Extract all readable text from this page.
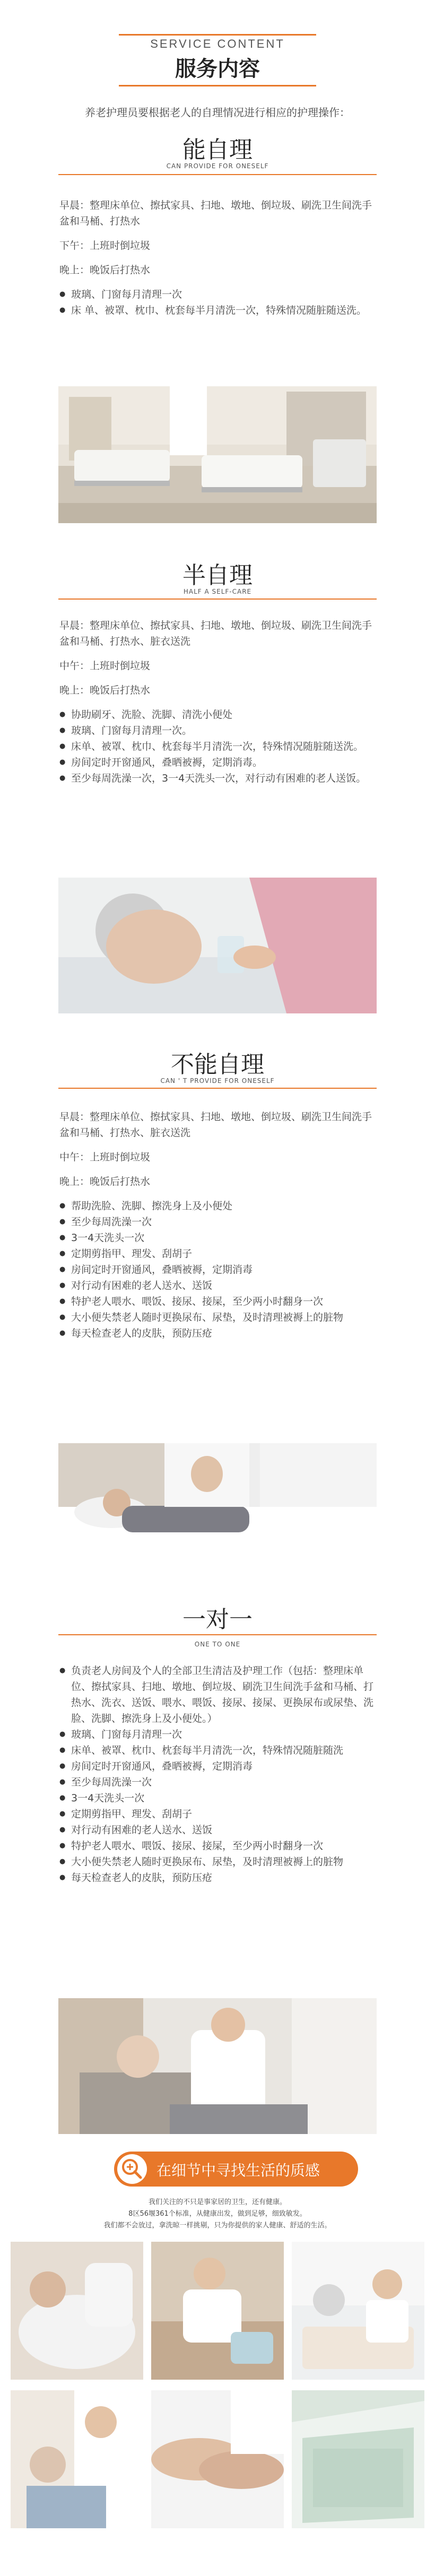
SERVICE CONTENT
服务内容
养老护理员要根据老人的自理情况进行相应的护理操作：
能自理
CAN PROVIDE FOR ONESELF

早晨：整理床单位、擦拭家具、扫地、墩地、倒垃圾、刷洗卫生间洗手盆和马桶、打热水

下午：上班时倒垃圾

晚上：晚饭后打热水

● 玻璃、门窗每月清理一次
● 床 单、被罩、枕巾、枕套每半月清洗一次，特殊情况随脏随送洗。
半自理
HALF A SELF-CARE

早晨：整理床单位、擦拭家具、扫地、墩地、倒垃圾、刷洗卫生间洗手盆和马桶、打热水、脏衣送洗

中午：上班时倒垃圾

晚上：晚饭后打热水

● 协助刷牙、洗脸、洗脚、清洗小便处
● 玻璃、门窗每月清理一次。
● 床单、被罩、枕巾、枕套每半月清洗一次，特殊情况随脏随送洗。
● 房间定时开窗通风，叠晒被褥，定期消毒。
● 至少每周洗澡一次，3一4天洗头一次，对行动有困难的老人送饭。
不能自理
CAN ' T PROVIDE FOR ONESELF

早晨：整理床单位、擦拭家具、扫地、墩地、倒垃圾、刷洗卫生间洗手盆和马桶、打热水、脏衣送洗

中午：上班时倒垃圾

晚上：晚饭后打热水

● 帮助洗脸、洗脚、擦洗身上及小便处
● 至少每周洗澡一次
● 3一4天洗头一次
● 定期剪指甲、理发、刮胡子
● 房间定时开窗通风，叠晒被褥，定期消毒
● 对行动有困难的老人送水、送饭
● 特护老人喂水、喂饭、接尿、接屎，至少两小时翻身一次
● 大小便失禁老人随时更换尿布、尿垫，及时清理被褥上的脏物
● 每天检查老人的皮肤，预防压疮
一对一
ONE TO ONE
● 负责老人房间及个人的全部卫生清洁及护理工作（包括：整理床单位、擦拭家具、扫地、墩地、倒垃圾、刷洗卫生间洗手盆和马桶、打热水、洗衣、送饭、喂水、喂饭、接尿、接屎、更换尿布或尿垫、洗脸、洗脚、擦洗身上及小便处。）
● 玻璃、门窗每月清理一次
● 床单、被罩、枕巾、枕套每半月清洗一次，特殊情况随脏随洗
● 房间定时开窗通风，叠晒被褥，定期消毒
● 至少每周洗澡一次
● 3一4天洗头一次
● 定期剪指甲、理发、刮胡子
● 对行动有困难的老人送水、送饭
● 特护老人喂水、喂饭、接尿、接屎，至少两小时翻身一次
● 大小便失禁老人随时更换尿布、尿垫，及时清理被褥上的脏物
● 每天检查老人的皮肤，预防压疮
在细节中寻找生活的质感
我们关注的不只是事家居的卫生，还有健康。
8区56堰361个标准，从健康出发，做到足够，细致敏发。
我们都不会放过，拿洗晾一样挑剔，只为你提供的家人健康、舒适的生活。
